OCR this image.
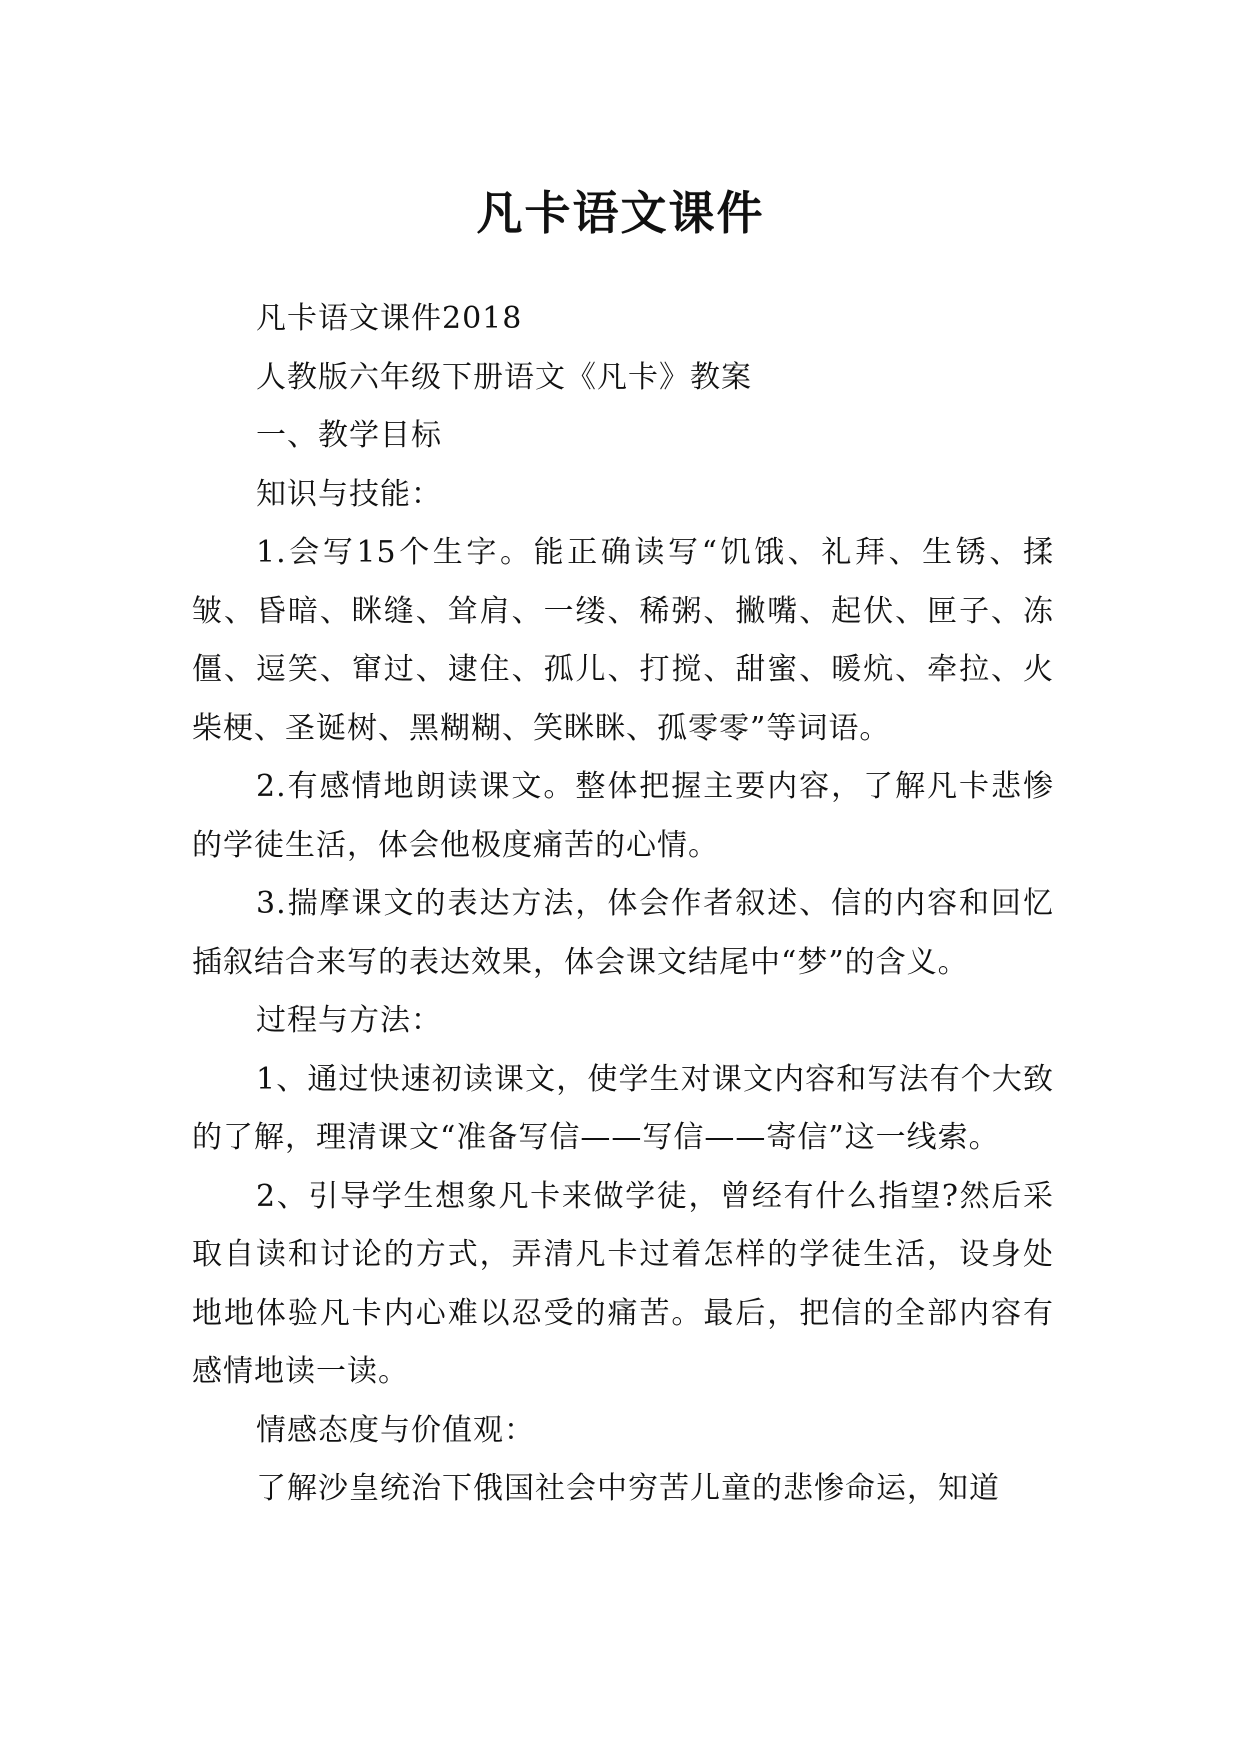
凡卡语文课件

凡卡语文课件2018

人教版六年级下册语文《凡卡》教案

一、教学目标

知识与技能：

1.会写15个生字。能正确读写“饥饿、礼拜、生锈、揉皱、昏暗、眯缝、耸肩、一缕、稀粥、撇嘴、起伏、匣子、冻僵、逗笑、窜过、逮住、孤儿、打搅、甜蜜、暖炕、牵拉、火柴梗、圣诞树、黑糊糊、笑眯眯、孤零零”等词语。

2.有感情地朗读课文。整体把握主要内容，了解凡卡悲惨的学徒生活，体会他极度痛苦的心情。

3.揣摩课文的表达方法，体会作者叙述、信的内容和回忆插叙结合来写的表达效果，体会课文结尾中“梦”的含义。

过程与方法：

1、通过快速初读课文，使学生对课文内容和写法有个大致的了解，理清课文“准备写信——写信——寄信”这一线索。

2、引导学生想象凡卡来做学徒，曾经有什么指望?然后采取自读和讨论的方式，弄清凡卡过着怎样的学徒生活，设身处地地体验凡卡内心难以忍受的痛苦。最后，把信的全部内容有感情地读一读。

情感态度与价值观：

了解沙皇统治下俄国社会中穷苦儿童的悲惨命运，知道
